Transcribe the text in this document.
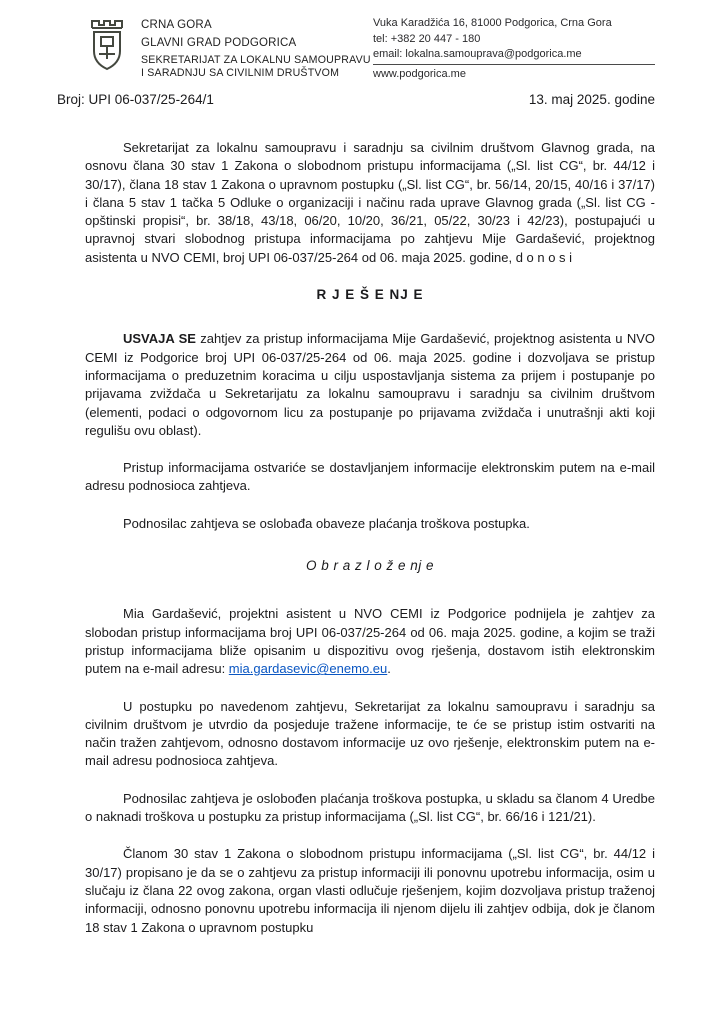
CRNA GORA
GLAVNI GRAD PODGORICA
SEKRETARIJAT ZA LOKALNU SAMOUPRAVU
I SARADNJU SA CIVILNIM DRUŠTVOM
Vuka Karadžića 16, 81000 Podgorica, Crna Gora
tel: +382 20 447 - 180
email: lokalna.samouprava@podgorica.me
www.podgorica.me
Broj: UPI 06-037/25-264/1	13. maj 2025. godine

Sekretarijat za lokalnu samoupravu i saradnju sa civilnim društvom Glavnog grada, na osnovu člana 30 stav 1 Zakona o slobodnom pristupu informacijama („Sl. list CG“, br. 44/12 i 30/17), člana 18 stav 1 Zakona o upravnom postupku („Sl. list CG“, br. 56/14, 20/15, 40/16 i 37/17) i člana 5 stav 1 tačka 5 Odluke o organizaciji i načinu rada uprave Glavnog grada („Sl. list CG - opštinski propisi“, br. 38/18, 43/18, 06/20, 10/20, 36/21, 05/22, 30/23 i 42/23), postupajući u upravnoj stvari slobodnog pristupa informacijama po zahtjevu Mije Gardašević, projektnog asistenta u NVO CEMI, broj UPI 06-037/25-264 od 06. maja 2025. godine, d o n o s i

R J E Š E NJ E

USVAJA SE zahtjev za pristup informacijama Mije Gardašević, projektnog asistenta u NVO CEMI iz Podgorice broj UPI 06-037/25-264 od 06. maja 2025. godine i dozvoljava se pristup informacijama o preduzetnim koracima u cilju uspostavljanja sistema za prijem i postupanje po prijavama zviždača u Sekretarijatu za lokalnu samoupravu i saradnju sa civilnim društvom (elementi, podaci o odgovornom licu za postupanje po prijavama zviždača i unutrašnji akti koji regulišu ovu oblast).

Pristup informacijama ostvariće se dostavljanjem informacije elektronskim putem na e-mail adresu podnosioca zahtjeva.

Podnosilac zahtjeva se oslobađa obaveze plaćanja troškova postupka.

O b r a z l o ž e nj e

Mia Gardašević, projektni asistent u NVO CEMI iz Podgorice podnijela je zahtjev za slobodan pristup informacijama broj UPI 06-037/25-264 od 06. maja 2025. godine, a kojim se traži pristup informacijama bliže opisanim u dispozitivu ovog rješenja, dostavom istih elektronskim putem na e-mail adresu: mia.gardasevic@enemo.eu.

U postupku po navedenom zahtjevu, Sekretarijat za lokalnu samoupravu i saradnju sa civilnim društvom je utvrdio da posjeduje tražene informacije, te će se pristup istim ostvariti na način tražen zahtjevom, odnosno dostavom informacije uz ovo rješenje, elektronskim putem na e-mail adresu podnosioca zahtjeva.

Podnosilac zahtjeva je oslobođen plaćanja troškova postupka, u skladu sa članom 4 Uredbe o naknadi troškova u postupku za pristup informacijama („Sl. list CG“, br. 66/16 i 121/21).

Članom 30 stav 1 Zakona o slobodnom pristupu informacijama („Sl. list CG“, br. 44/12 i 30/17) propisano je da se o zahtjevu za pristup informaciji ili ponovnu upotrebu informacija, osim u slučaju iz člana 22 ovog zakona, organ vlasti odlučuje rješenjem, kojim dozvoljava pristup traženoj informaciji, odnosno ponovnu upotrebu informacija ili njenom dijelu ili zahtjev odbija, dok je članom 18 stav 1 Zakona o upravnom postupku
